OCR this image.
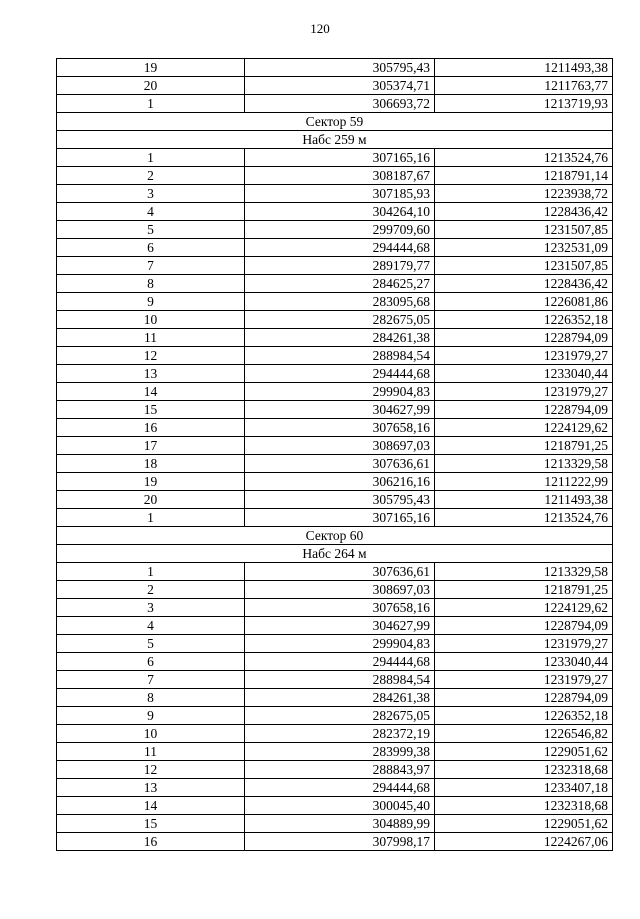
120
19	305795,43	1211493,38
20	305374,71	1211763,77
1	306693,72	1213719,93
Сектор 59		
Набс 259 м		
1	307165,16	1213524,76
2	308187,67	1218791,14
3	307185,93	1223938,72
4	304264,10	1228436,42
5	299709,60	1231507,85
6	294444,68	1232531,09
7	289179,77	1231507,85
8	284625,27	1228436,42
9	283095,68	1226081,86
10	282675,05	1226352,18
11	284261,38	1228794,09
12	288984,54	1231979,27
13	294444,68	1233040,44
14	299904,83	1231979,27
15	304627,99	1228794,09
16	307658,16	1224129,62
17	308697,03	1218791,25
18	307636,61	1213329,58
19	306216,16	1211222,99
20	305795,43	1211493,38
1	307165,16	1213524,76
Сектор 60		
Набс 264 м		
1	307636,61	1213329,58
2	308697,03	1218791,25
3	307658,16	1224129,62
4	304627,99	1228794,09
5	299904,83	1231979,27
6	294444,68	1233040,44
7	288984,54	1231979,27
8	284261,38	1228794,09
9	282675,05	1226352,18
10	282372,19	1226546,82
11	283999,38	1229051,62
12	288843,97	1232318,68
13	294444,68	1233407,18
14	300045,40	1232318,68
15	304889,99	1229051,62
16	307998,17	1224267,06
